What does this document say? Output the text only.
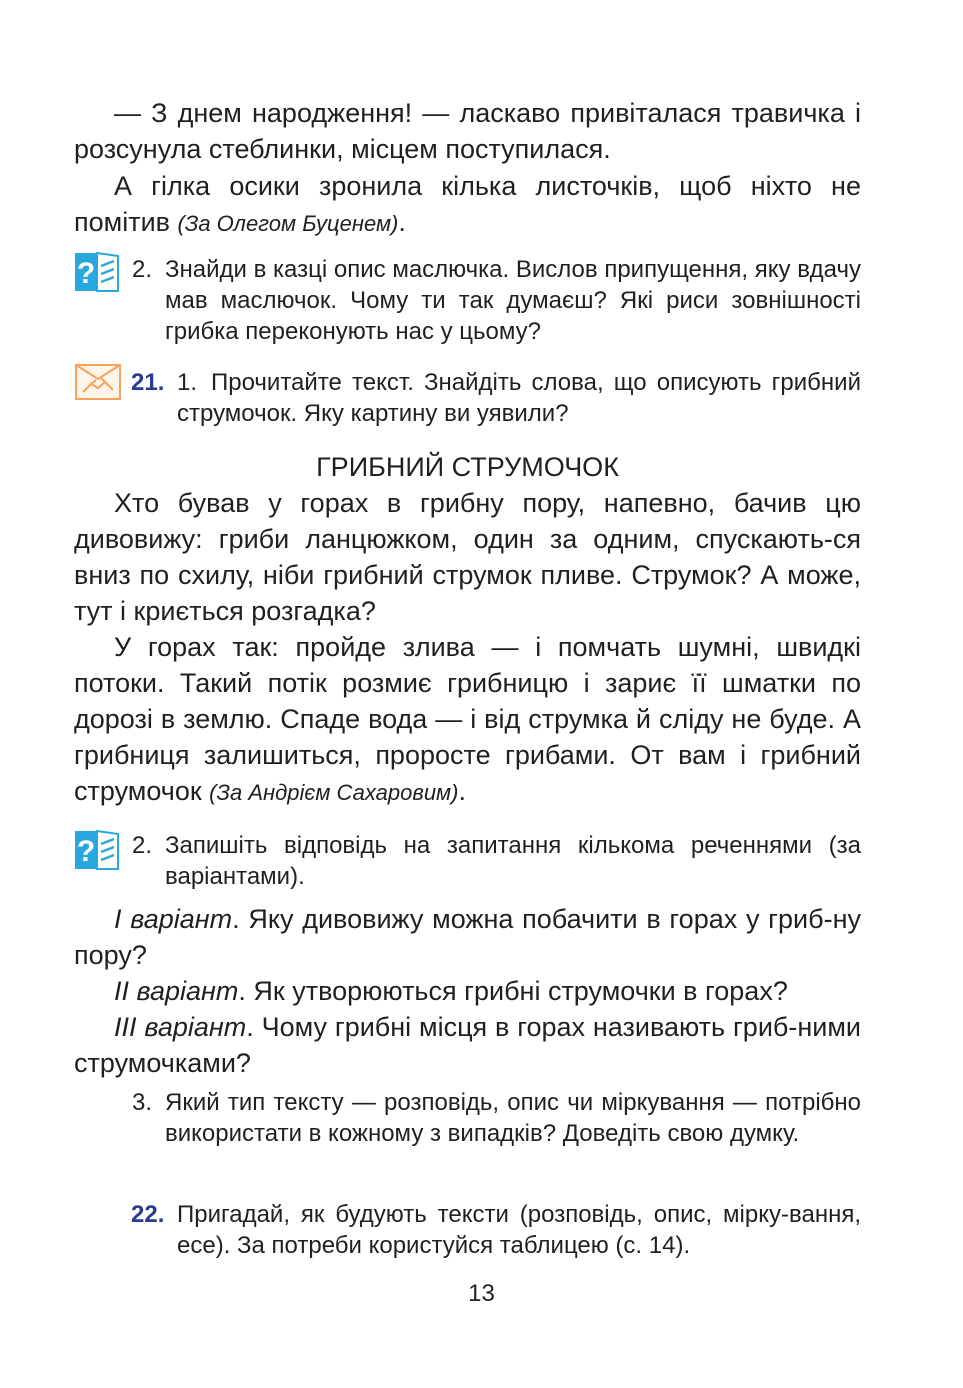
— З днем народження! — ласкаво привіталася травичка і розсунула стеблинки, місцем поступилася.

А гілка осики зронила кілька листочків, щоб ніхто не помітив (За Олегом Буценем).

? 2. Знайди в казці опис маслючка. Вислов припущення, яку вдачу мав маслючок. Чому ти так думаєш? Які риси зовнішності грибка переконують нас у цьому?

21. 1. Прочитайте текст. Знайдіть слова, що описують грибний струмочок. Яку картину ви уявили?

ГРИБНИЙ СТРУМОЧОК

Хто бував у горах в грибну пору, напевно, бачив цю дивовижу: гриби ланцюжком, один за одним, спускають-ся вниз по схилу, ніби грибний струмок пливе. Струмок? А може, тут і криється розгадка?

У горах так: пройде злива — і помчать шумні, швидкі потоки. Такий потік розмиє грибницю і зариє її шматки по дорозі в землю. Спаде вода — і від струмка й сліду не буде. А грибниця залишиться, проросте грибами. От вам і грибний струмочок (За Андрієм Сахаровим).

? 2. Запишіть відповідь на запитання кількома реченнями (за варіантами).

I варіант. Яку дивовижу можна побачити в горах у гриб-ну пору?

II варіант. Як утворюються грибні струмочки в горах?

III варіант. Чому грибні місця в горах називають гриб-ними струмочками?

3. Який тип тексту — розповідь, опис чи міркування — потрібно використати в кожному з випадків? Доведіть свою думку.

22. Пригадай, як будують тексти (розповідь, опис, мірку-вання, есе). За потреби користуйся таблицею (с. 14).

13
